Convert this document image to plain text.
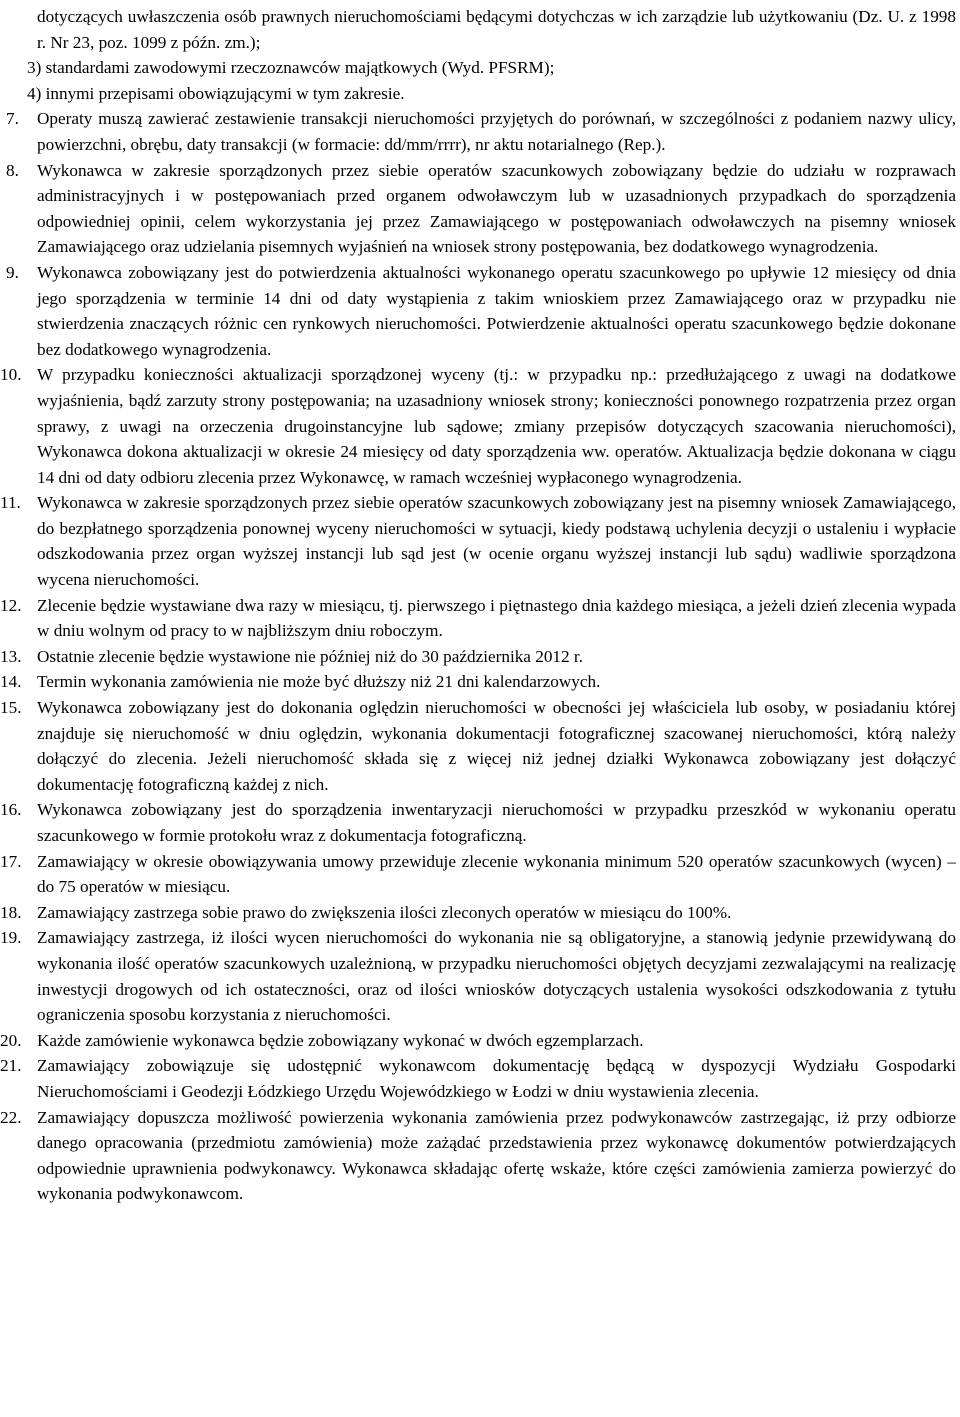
dotyczących uwłaszczenia osób prawnych nieruchomościami będącymi dotychczas w ich zarządzie lub użytkowaniu (Dz. U. z 1998 r. Nr 23, poz. 1099 z późn. zm.);
3) standardami zawodowymi rzeczoznawców majątkowych (Wyd. PFSRM);
4) innymi przepisami obowiązującymi w tym zakresie.
7. Operaty muszą zawierać zestawienie transakcji nieruchomości przyjętych do porównań, w szczególności z podaniem nazwy ulicy, powierzchni, obrębu, daty transakcji (w formacie: dd/mm/rrrr), nr aktu notarialnego (Rep.).
8. Wykonawca w zakresie sporządzonych przez siebie operatów szacunkowych zobowiązany będzie do udziału w rozprawach administracyjnych i w postępowaniach przed organem odwoławczym lub w uzasadnionych przypadkach do sporządzenia odpowiedniej opinii, celem wykorzystania jej przez Zamawiającego w postępowaniach odwoławczych na pisemny wniosek Zamawiającego oraz udzielania pisemnych wyjaśnień na wniosek strony postępowania, bez dodatkowego wynagrodzenia.
9. Wykonawca zobowiązany jest do potwierdzenia aktualności wykonanego operatu szacunkowego po upływie 12 miesięcy od dnia jego sporządzenia w terminie 14 dni od daty wystąpienia z takim wnioskiem przez Zamawiającego oraz w przypadku nie stwierdzenia znaczących różnic cen rynkowych nieruchomości. Potwierdzenie aktualności operatu szacunkowego będzie dokonane bez dodatkowego wynagrodzenia.
10. W przypadku konieczności aktualizacji sporządzonej wyceny (tj.: w przypadku np.: przedłużającego z uwagi na dodatkowe wyjaśnienia, bądź zarzuty strony postępowania; na uzasadniony wniosek strony; konieczności ponownego rozpatrzenia przez organ sprawy, z uwagi na orzeczenia drugoinstancyjne lub sądowe; zmiany przepisów dotyczących szacowania nieruchomości), Wykonawca dokona aktualizacji w okresie 24 miesięcy od daty sporządzenia ww. operatów. Aktualizacja będzie dokonana w ciągu 14 dni od daty odbioru zlecenia przez Wykonawcę, w ramach wcześniej wypłaconego wynagrodzenia.
11. Wykonawca w zakresie sporządzonych przez siebie operatów szacunkowych zobowiązany jest na pisemny wniosek Zamawiającego, do bezpłatnego sporządzenia ponownej wyceny nieruchomości w sytuacji, kiedy podstawą uchylenia decyzji o ustaleniu i wypłacie odszkodowania przez organ wyższej instancji lub sąd jest (w ocenie organu wyższej instancji lub sądu) wadliwie sporządzona wycena nieruchomości.
12. Zlecenie będzie wystawiane dwa razy w miesiącu, tj. pierwszego i piętnastego dnia każdego miesiąca, a jeżeli dzień zlecenia wypada w dniu wolnym od pracy to w najbliższym dniu roboczym.
13. Ostatnie zlecenie będzie wystawione nie później niż do 30 października 2012 r.
14. Termin wykonania zamówienia nie może być dłuższy niż 21 dni kalendarzowych.
15. Wykonawca zobowiązany jest do dokonania oględzin nieruchomości w obecności jej właściciela lub osoby, w posiadaniu której znajduje się nieruchomość w dniu oględzin, wykonania dokumentacji fotograficznej szacowanej nieruchomości, którą należy dołączyć do zlecenia. Jeżeli nieruchomość składa się z więcej niż jednej działki Wykonawca zobowiązany jest dołączyć dokumentację fotograficzną każdej z nich.
16. Wykonawca zobowiązany jest do sporządzenia inwentaryzacji nieruchomości w przypadku przeszkód w wykonaniu operatu szacunkowego w formie protokołu wraz z dokumentacja fotograficzną.
17. Zamawiający w okresie obowiązywania umowy przewiduje zlecenie wykonania minimum 520 operatów szacunkowych (wycen) – do 75 operatów w miesiącu.
18. Zamawiający zastrzega sobie prawo do zwiększenia ilości zleconych operatów w miesiącu do 100%.
19. Zamawiający zastrzega, iż ilości wycen nieruchomości do wykonania nie są obligatoryjne, a stanowią jedynie przewidywaną do wykonania ilość operatów szacunkowych uzależnioną, w przypadku nieruchomości objętych decyzjami zezwalającymi na realizację inwestycji drogowych od ich ostateczności, oraz od ilości wniosków dotyczących ustalenia wysokości odszkodowania z tytułu ograniczenia sposobu korzystania z nieruchomości.
20. Każde zamówienie wykonawca będzie zobowiązany wykonać w dwóch egzemplarzach.
21. Zamawiający zobowiązuje się udostępnić wykonawcom dokumentację będącą w dyspozycji Wydziału Gospodarki Nieruchomościami i Geodezji Łódzkiego Urzędu Wojewódzkiego w Łodzi w dniu wystawienia zlecenia.
22. Zamawiający dopuszcza możliwość powierzenia wykonania zamówienia przez podwykonawców zastrzegając, iż przy odbiorze danego opracowania (przedmiotu zamówienia) może zażądać przedstawienia przez wykonawcę dokumentów potwierdzających odpowiednie uprawnienia podwykonawcy. Wykonawca składając ofertę wskaże, które części zamówienia zamierza powierzyć do wykonania podwykonawcom.
